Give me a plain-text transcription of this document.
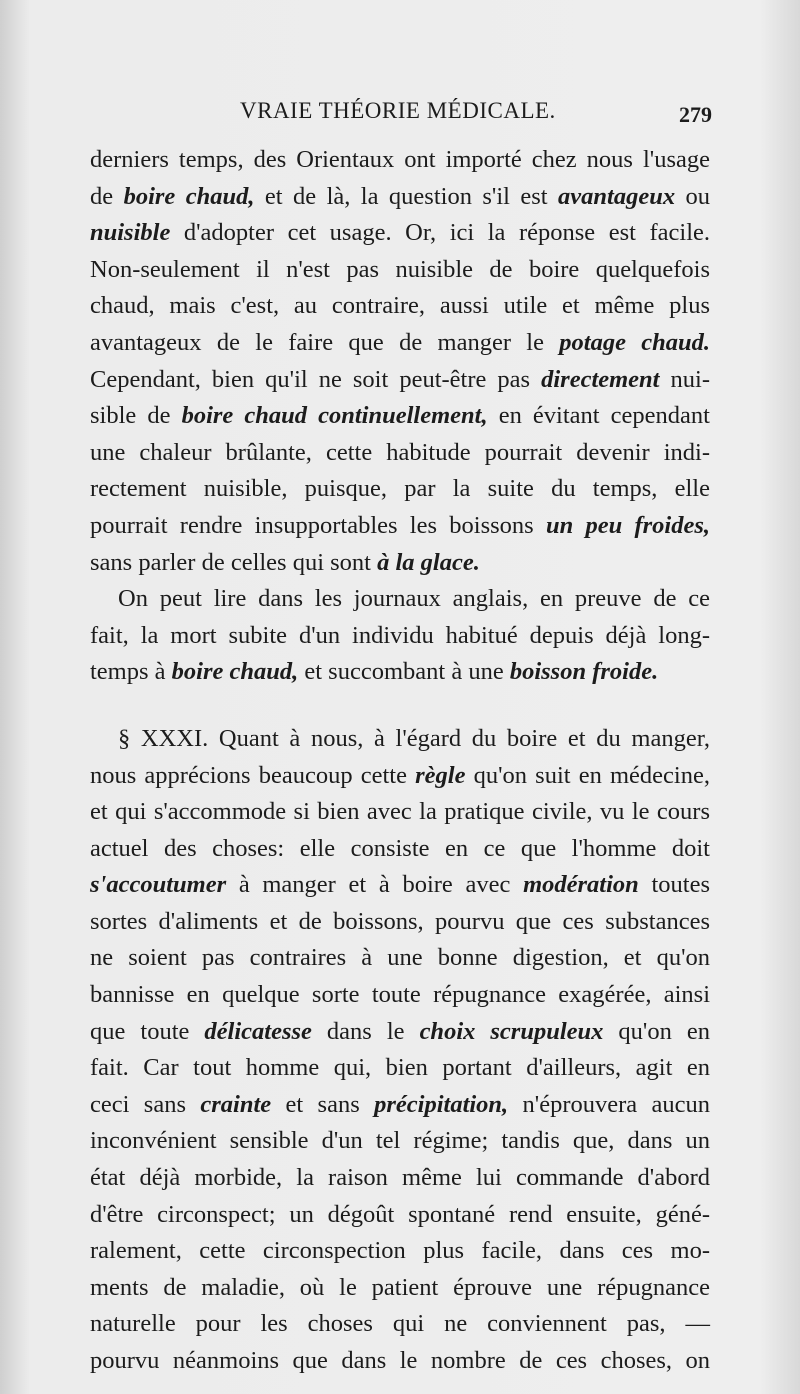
VRAIE THÉORIE MÉDICALE.	279
derniers temps, des Orientaux ont importé chez nous l'usage
de boire chaud, et de là, la question s'il est avantageux ou
nuisible d'adopter cet usage. Or, ici la réponse est facile.
Non-seulement il n'est pas nuisible de boire quelquefois
chaud, mais c'est, au contraire, aussi utile et même plus
avantageux de le faire que de manger le potage chaud.
Cependant, bien qu'il ne soit peut-être pas directement nui-
sible de boire chaud continuellement, en évitant cependant
une chaleur brûlante, cette habitude pourrait devenir indi-
rectement nuisible, puisque, par la suite du temps, elle
pourrait rendre insupportables les boissons un peu froides,
sans parler de celles qui sont à la glace.
On peut lire dans les journaux anglais, en preuve de ce
fait, la mort subite d'un individu habitué depuis déjà long-
temps à boire chaud, et succombant à une boisson froide.
§ XXXI. Quant à nous, à l'égard du boire et du manger,
nous apprécions beaucoup cette règle qu'on suit en médecine,
et qui s'accommode si bien avec la pratique civile, vu le cours
actuel des choses: elle consiste en ce que l'homme doit
s'accoutumer à manger et à boire avec modération toutes
sortes d'aliments et de boissons, pourvu que ces substances
ne soient pas contraires à une bonne digestion, et qu'on
bannisse en quelque sorte toute répugnance exagérée, ainsi
que toute délicatesse dans le choix scrupuleux qu'on en
fait. Car tout homme qui, bien portant d'ailleurs, agit en
ceci sans crainte et sans précipitation, n'éprouvera aucun
inconvénient sensible d'un tel régime; tandis que, dans un
état déjà morbide, la raison même lui commande d'abord
d'être circonspect; un dégoût spontané rend ensuite, géné-
ralement, cette circonspection plus facile, dans ces mo-
ments de maladie, où le patient éprouve une répugnance
naturelle pour les choses qui ne conviennent pas, —
pourvu néanmoins que dans le nombre de ces choses, on
